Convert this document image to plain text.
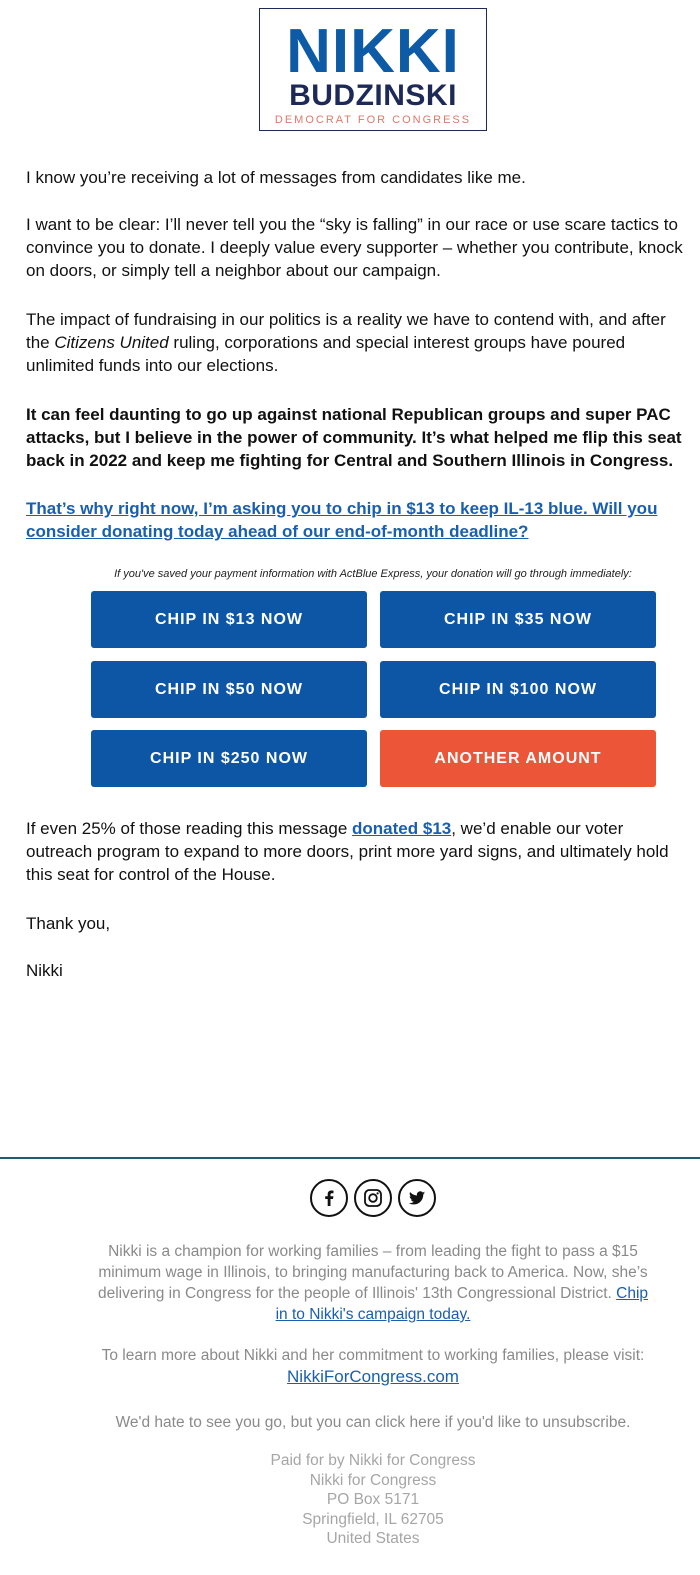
NIKKI
BUDZINSKI
DEMOCRAT FOR CONGRESS

I know you’re receiving a lot of messages from candidates like me.

I want to be clear: I’ll never tell you the “sky is falling” in our race or use scare tactics to

convince you to donate. I deeply value every supporter – whether you contribute, knock

on doors, or simply tell a neighbor about our campaign.

The impact of fundraising in our politics is a reality we have to contend with, and after

the Citizens United ruling, corporations and special interest groups have poured

unlimited funds into our elections.

It can feel daunting to go up against national Republican groups and super PAC

attacks, but I believe in the power of community. It’s what helped me flip this seat

back in 2022 and keep me fighting for Central and Southern Illinois in Congress.

That’s why right now, I’m asking you to chip in $13 to keep IL-13 blue. Will you

consider donating today ahead of our end-of-month deadline?

If you've saved your payment information with ActBlue Express, your donation will go through immediately:
CHIP IN $13 NOW	CHIP IN $35 NOW
CHIP IN $50 NOW	CHIP IN $100 NOW
CHIP IN $250 NOW	ANOTHER AMOUNT

If even 25% of those reading this message donated $13, we’d enable our voter

outreach program to expand to more doors, print more yard signs, and ultimately hold

this seat for control of the House.

Thank you,
Nikki

Nikki is a champion for working families – from leading the fight to pass a $15

minimum wage in Illinois, to bringing manufacturing back to America. Now, she’s

delivering in Congress for the people of Illinois' 13th Congressional District. Chip

in to Nikki's campaign today.

To learn more about Nikki and her commitment to working families, please visit:

NikkiForCongress.com

We'd hate to see you go, but you can click here if you'd like to unsubscribe.
Paid for by Nikki for Congress
Nikki for Congress
PO Box 5171
Springfield, IL 62705
United States
